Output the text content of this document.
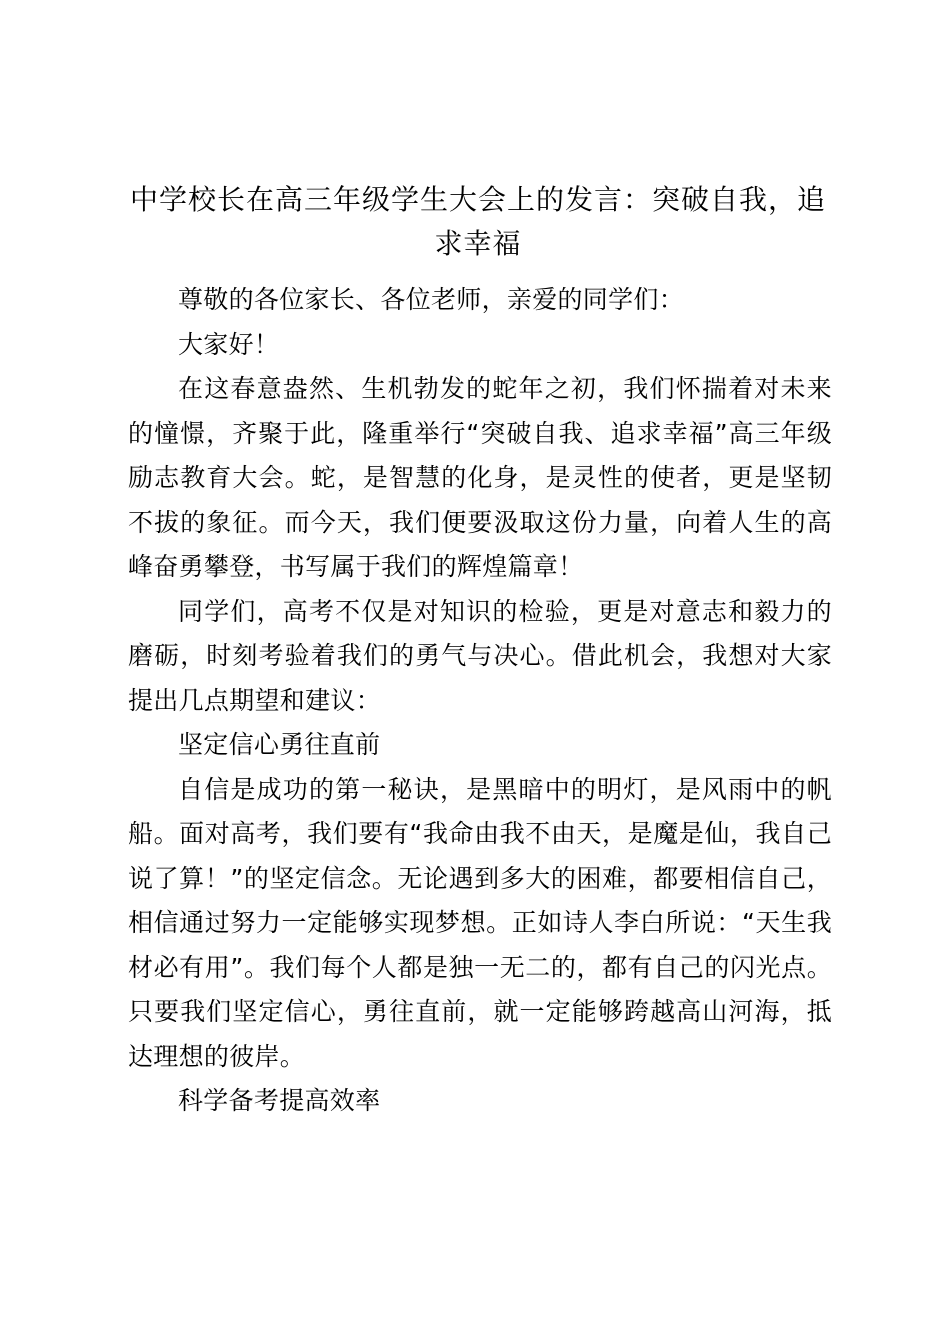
中学校长在高三年级学生大会上的发言：突破自我，追求幸福

尊敬的各位家长、各位老师，亲爱的同学们：

大家好！

在这春意盎然、生机勃发的蛇年之初，我们怀揣着对未来的憧憬，齐聚于此，隆重举行“突破自我、追求幸福”高三年级励志教育大会。蛇，是智慧的化身，是灵性的使者，更是坚韧不拔的象征。而今天，我们便要汲取这份力量，向着人生的高峰奋勇攀登，书写属于我们的辉煌篇章！

同学们，高考不仅是对知识的检验，更是对意志和毅力的磨砺，时刻考验着我们的勇气与决心。借此机会，我想对大家提出几点期望和建议：

坚定信心勇往直前

自信是成功的第一秘诀，是黑暗中的明灯，是风雨中的帆船。面对高考，我们要有“我命由我不由天，是魔是仙，我自己说了算！”的坚定信念。无论遇到多大的困难，都要相信自己，相信通过努力一定能够实现梦想。正如诗人李白所说：“天生我材必有用”。我们每个人都是独一无二的，都有自己的闪光点。只要我们坚定信心，勇往直前，就一定能够跨越高山河海，抵达理想的彼岸。

科学备考提高效率
